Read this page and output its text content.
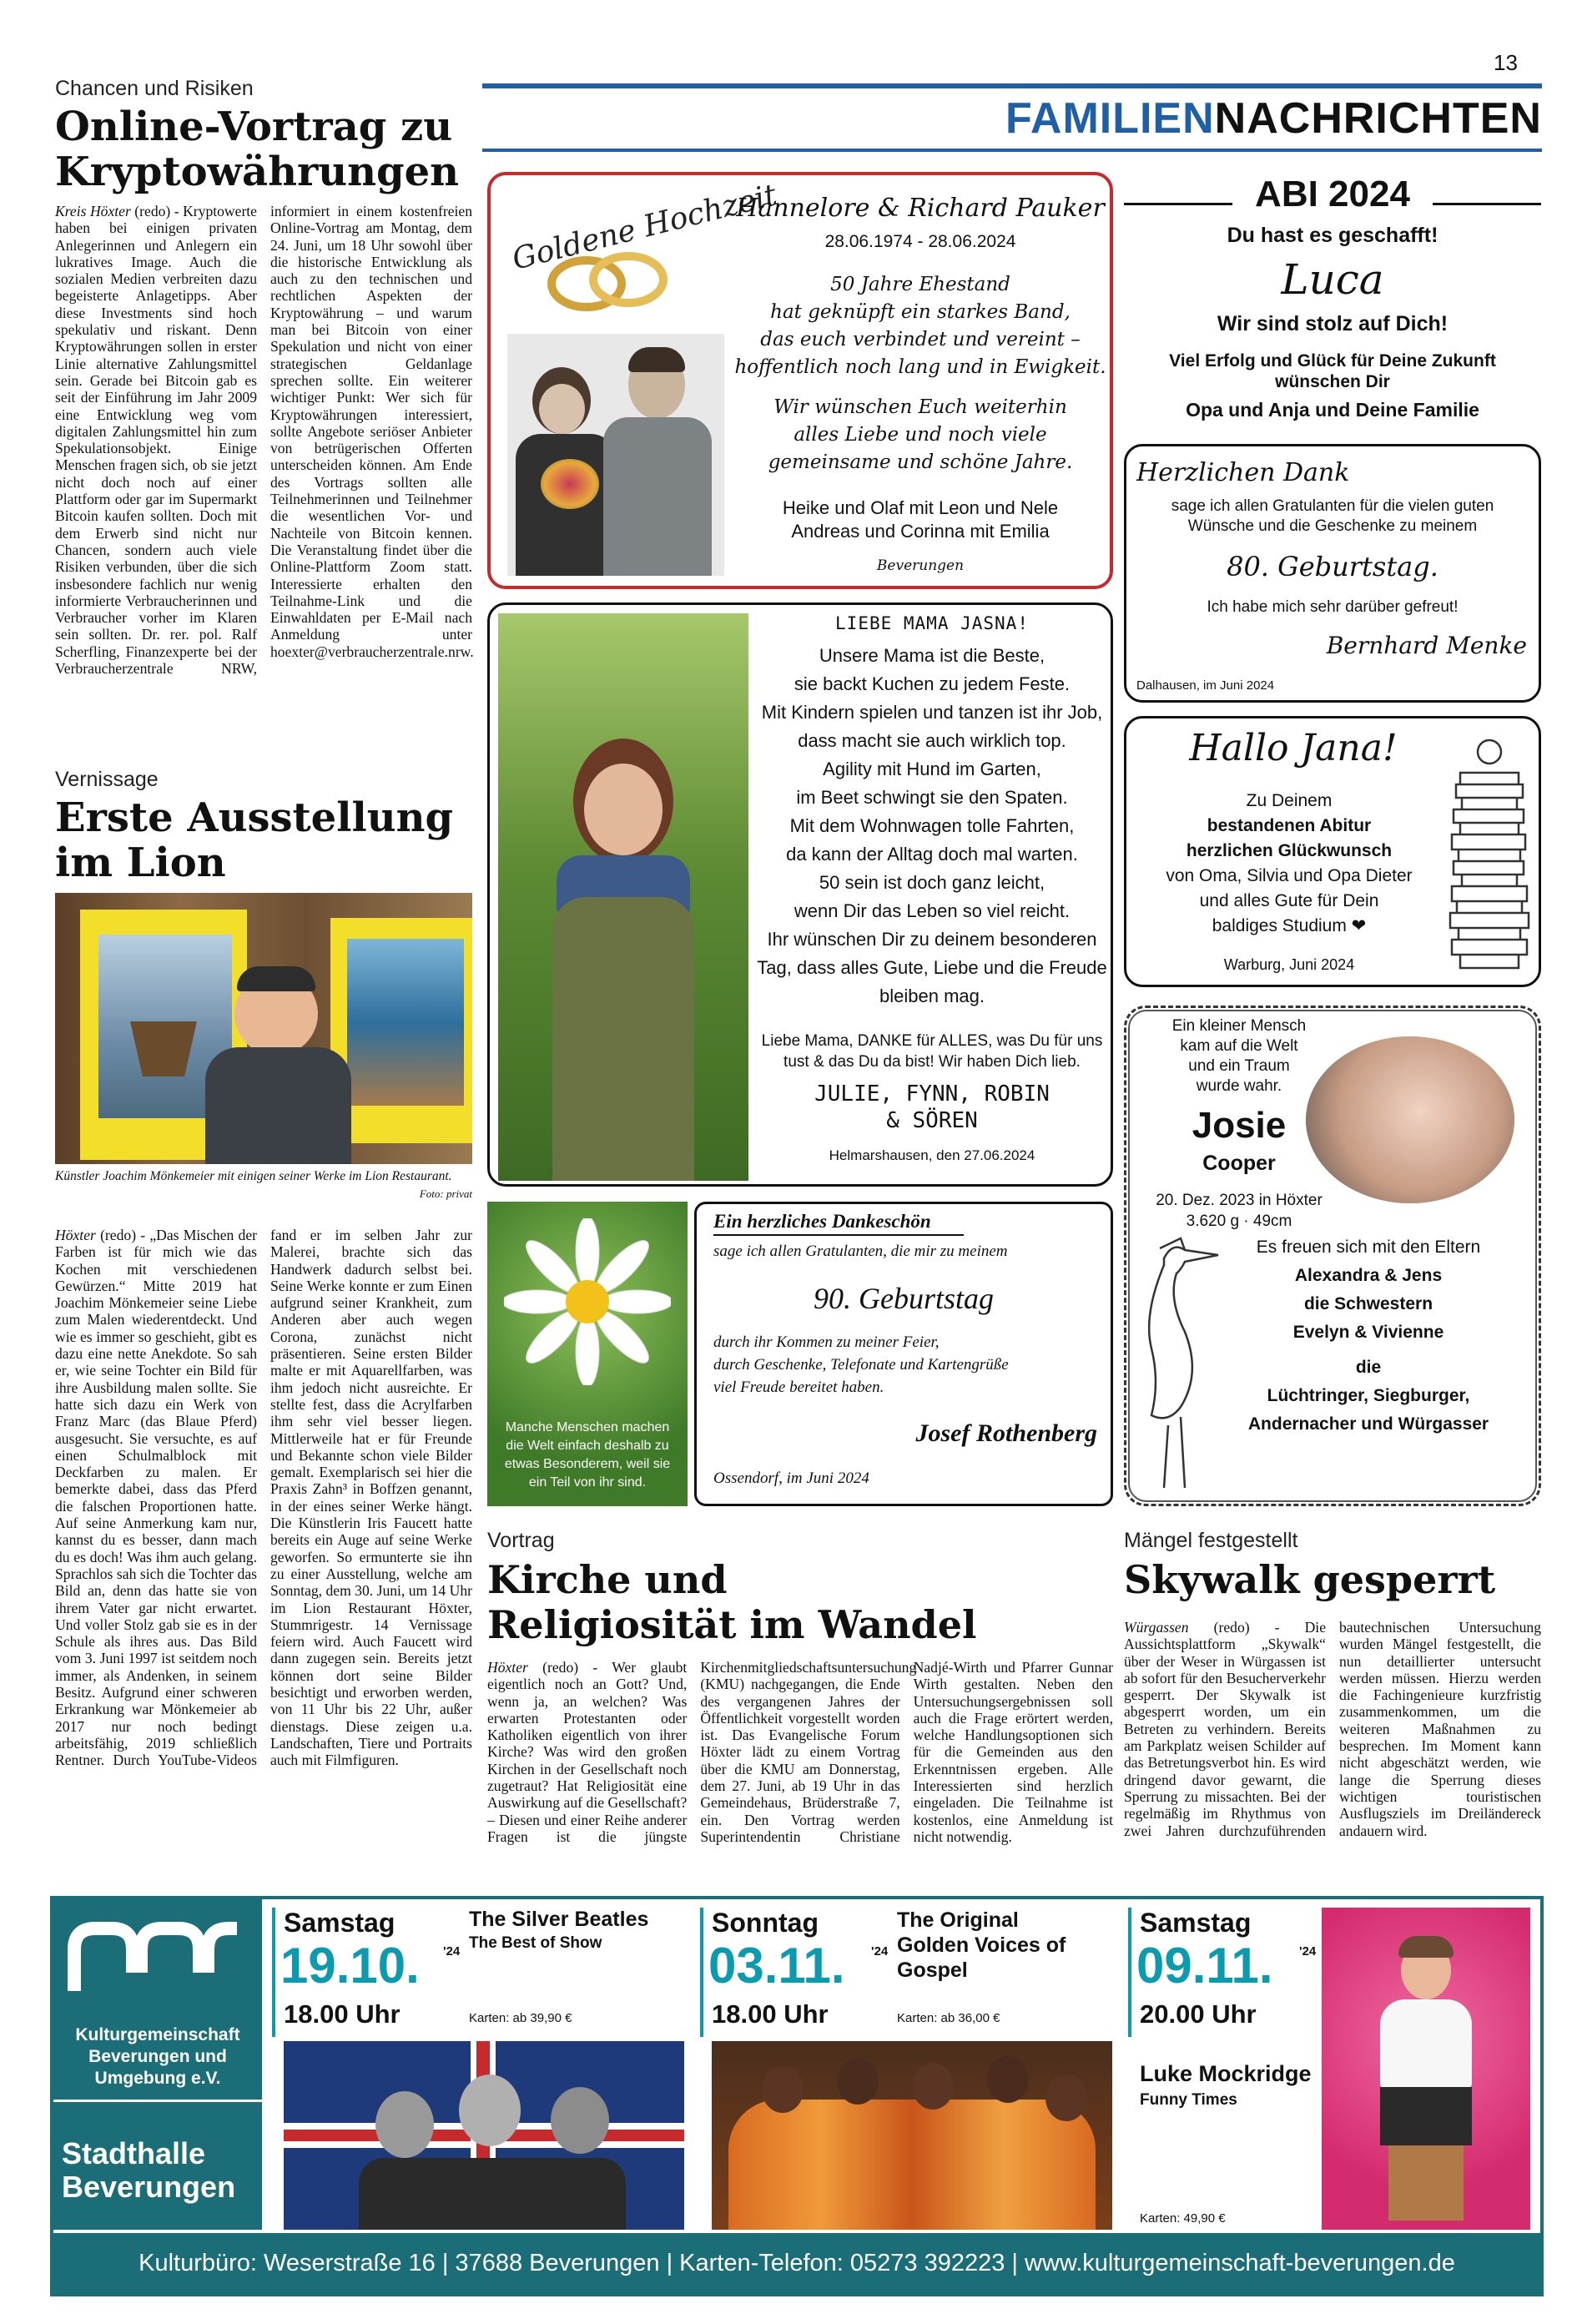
13
FAMILIENNACHRICHTEN
Chancen und Risiken
Online-Vortrag zu Kryptowährungen

Kreis Höxter (redo) - Kryptowerte haben bei einigen privaten Anlegerinnen und Anlegern ein lukratives Image. Auch die sozialen Medien verbreiten dazu begeisterte Anlagetipps. Aber diese Investments sind hoch spekulativ und riskant. Denn Kryptowährungen sollen in erster Linie alternative Zahlungsmittel sein. Gerade bei Bitcoin gab es seit der Einführung im Jahr 2009 eine Entwicklung weg vom digitalen Zahlungsmittel hin zum Spekulationsobjekt. Einige Menschen fragen sich, ob sie jetzt nicht doch noch auf einer Plattform oder gar im Supermarkt Bitcoin kaufen sollten. Doch mit dem Erwerb sind nicht nur Chancen, sondern auch viele Risiken verbunden, über die sich insbesondere fachlich nur wenig informierte Verbraucherinnen und Verbraucher vorher im Klaren sein sollten. Dr. rer. pol. Ralf Scherfling, Finanzexperte bei der Verbraucherzentrale NRW, informiert in einem kostenfreien Online-Vortrag am Montag, dem 24. Juni, um 18 Uhr sowohl über die historische Entwicklung als auch zu den technischen und rechtlichen Aspekten der Kryptowährung – und warum man bei Bitcoin von einer Spekulation und nicht von einer strategischen Geldanlage sprechen sollte. Ein weiterer wichtiger Punkt: Wer sich für Kryptowährungen interessiert, sollte Angebote seriöser Anbieter von betrügerischen Offerten unterscheiden können. Am Ende des Vortrags sollten alle Teilnehmerinnen und Teilnehmer die wesentlichen Vor- und Nachteile von Bitcoin kennen. Die Veranstaltung findet über die Online-Plattform Zoom statt. Interessierte erhalten den Teilnahme-Link und die Einwahldaten per E-Mail nach Anmeldung unter hoexter@verbraucherzentrale.nrw.

Vernissage
Erste Ausstellung im Lion
Künstler Joachim Mönkemeier mit einigen seiner Werke im Lion Restaurant.
Foto: privat

Höxter (redo) - „Das Mischen der Farben ist für mich wie das Kochen mit verschiedenen Gewürzen.“ Mitte 2019 hat Joachim Mönkemeier seine Liebe zum Malen wiederentdeckt. Und wie es immer so geschieht, gibt es dazu eine nette Anekdote. So sah er, wie seine Tochter ein Bild für ihre Ausbildung malen sollte. Sie hatte sich dazu ein Werk von Franz Marc (das Blaue Pferd) ausgesucht. Sie versuchte, es auf einen Schulmalblock mit Deckfarben zu malen. Er bemerkte dabei, dass das Pferd die falschen Proportionen hatte. Auf seine Anmerkung kam nur, kannst du es besser, dann mach du es doch! Was ihm auch gelang. Sprachlos sah sich die Tochter das Bild an, denn das hatte sie von ihrem Vater gar nicht erwartet. Und voller Stolz gab sie es in der Schule als ihres aus. Das Bild vom 3. Juni 1997 ist seitdem noch immer, als Andenken, in seinem Besitz. Aufgrund einer schweren Erkrankung war Mönkemeier ab 2017 nur noch bedingt arbeitsfähig, 2019 schließlich Rentner. Durch YouTube-Videos fand er im selben Jahr zur Malerei, brachte sich das Handwerk dadurch selbst bei. Seine Werke konnte er zum Einen aufgrund seiner Krankheit, zum Anderen aber auch wegen Corona, zunächst nicht präsentieren. Seine ersten Bilder malte er mit Aquarellfarben, was ihm jedoch nicht ausreichte. Er stellte fest, dass die Acrylfarben ihm sehr viel besser liegen. Mittlerweile hat er für Freunde und Bekannte schon viele Bilder gemalt. Exemplarisch sei hier die Praxis Zahn³ in Boffzen genannt, in der eines seiner Werke hängt. Die Künstlerin Iris Faucett hatte bereits ein Auge auf seine Werke geworfen. So ermunterte sie ihn zu einer Ausstellung, welche am Sonntag, dem 30. Juni, um 14 Uhr im Lion Restaurant Höxter, Stummrigestr. 14 Vernissage feiern wird. Auch Faucett wird dann zugegen sein. Bereits jetzt können dort seine Bilder besichtigt und erworben werden, von 11 Uhr bis 22 Uhr, außer dienstags. Diese zeigen u.a. Landschaften, Tiere und Portraits auch mit Filmfiguren.

Goldene Hochzeit
Hannelore & Richard Pauker
28.06.1974 - 28.06.2024
50 Jahre Ehestand
hat geknüpft ein starkes Band,
das euch verbindet und vereint –
hoffentlich noch lang und in Ewigkeit.
Wir wünschen Euch weiterhin
alles Liebe und noch viele
gemeinsame und schöne Jahre.
Heike und Olaf mit Leon und Nele
Andreas und Corinna mit Emilia
Beverungen
LIEBE MAMA JASNA!
Unsere Mama ist die Beste,
sie backt Kuchen zu jedem Feste.
Mit Kindern spielen und tanzen ist ihr Job,
dass macht sie auch wirklich top.
Agility mit Hund im Garten,
im Beet schwingt sie den Spaten.
Mit dem Wohnwagen tolle Fahrten,
da kann der Alltag doch mal warten.
50 sein ist doch ganz leicht,
wenn Dir das Leben so viel reicht.
Ihr wünschen Dir zu deinem besonderen
Tag, dass alles Gute, Liebe und die Freude
bleiben mag.
Liebe Mama, DANKE für ALLES, was Du für uns tust & das Du da bist! Wir haben Dich lieb.
JULIE, FYNN, ROBIN
& SÖREN
Helmarshausen, den 27.06.2024
Manche Menschen machen die Welt einfach deshalb zu etwas Besonderem, weil sie ein Teil von ihr sind.
Ein herzliches Dankeschön
sage ich allen Gratulanten, die mir zu meinem
90. Geburtstag
durch ihr Kommen zu meiner Feier,
durch Geschenke, Telefonate und Kartengrüße
viel Freude bereitet haben.
Josef Rothenberg
Ossendorf, im Juni 2024
ABI 2024
Du hast es geschafft!
Luca
Wir sind stolz auf Dich!
Viel Erfolg und Glück für Deine Zukunft wünschen Dir
Opa und Anja und Deine Familie
Herzlichen Dank
sage ich allen Gratulanten für die vielen guten Wünsche und die Geschenke zu meinem
80. Geburtstag.
Ich habe mich sehr darüber gefreut!
Bernhard Menke
Dalhausen, im Juni 2024
Hallo Jana!
Zu Deinem
bestandenen Abitur
herzlichen Glückwunsch
von Oma, Silvia und Opa Dieter
und alles Gute für Dein
baldiges Studium ❤
Warburg, Juni 2024
Ein kleiner Mensch
kam auf die Welt
und ein Traum
wurde wahr.
Josie
Cooper
20. Dez. 2023 in Höxter
3.620 g · 49cm
Es freuen sich mit den Eltern
Alexandra & Jens
die Schwestern
Evelyn & Vivienne
die
Lüchtringer, Siegburger,
Andernacher und Würgasser
Vortrag
Kirche und Religiosität im Wandel

Höxter (redo) - Wer glaubt eigentlich noch an Gott? Und, wenn ja, an welchen? Was erwarten Protestanten oder Katholiken eigentlich von ihrer Kirche? Was wird den großen Kirchen in der Gesellschaft noch zugetraut? Hat Religiosität eine Auswirkung auf die Gesellschaft? – Diesen und einer Reihe anderer Fragen ist die jüngste Kirchenmitgliedschaftsuntersuchung (KMU) nachgegangen, die Ende des vergangenen Jahres der Öffentlichkeit vorgestellt worden ist. Das Evangelische Forum Höxter lädt zu einem Vortrag über die KMU am Donnerstag, dem 27. Juni, ab 19 Uhr in das Gemeindehaus, Brüderstraße 7, ein. Den Vortrag werden Superintendentin Christiane Nadjé-Wirth und Pfarrer Gunnar Wirth gestalten. Neben den Untersuchungsergebnissen soll auch die Frage erörtert werden, welche Handlungsoptionen sich für die Gemeinden aus den Erkenntnissen ergeben. Alle Interessierten sind herzlich eingeladen. Die Teilnahme ist kostenlos, eine Anmeldung ist nicht notwendig.

Mängel festgestellt
Skywalk gesperrt

Würgassen (redo) - Die Aussichtsplattform „Skywalk“ über der Weser in Würgassen ist ab sofort für den Besucherverkehr gesperrt. Der Skywalk ist abgesperrt worden, um ein Betreten zu verhindern. Bereits am Parkplatz weisen Schilder auf das Betretungsverbot hin. Es wird dringend davor gewarnt, die Sperrung zu missachten. Bei der regelmäßig im Rhythmus von zwei Jahren durchzuführenden bautechnischen Untersuchung wurden Mängel festgestellt, die nun detaillierter untersucht werden müssen. Hierzu werden die Fachingenieure kurzfristig zusammenkommen, um die weiteren Maßnahmen zu besprechen. Im Moment kann nicht abgeschätzt werden, wie lange die Sperrung dieses wichtigen touristischen Ausflugsziels im Dreiländereck andauern wird.

Kulturgemeinschaft
Beverungen und
Umgebung e.V.
Stadthalle
Beverungen
Samstag
19.10. '24
18.00 Uhr
The Silver Beatles
The Best of Show
Karten: ab 39,90 €
Sonntag
03.11. '24
18.00 Uhr
The Original Golden Voices of Gospel
Karten: ab 36,00 €
Samstag
09.11. '24
20.00 Uhr
Luke Mockridge
Funny Times
Karten: 49,90 €
Kulturbüro: Weserstraße 16 | 37688 Beverungen | Karten-Telefon: 05273 392223 | www.kulturgemeinschaft-beverungen.de
